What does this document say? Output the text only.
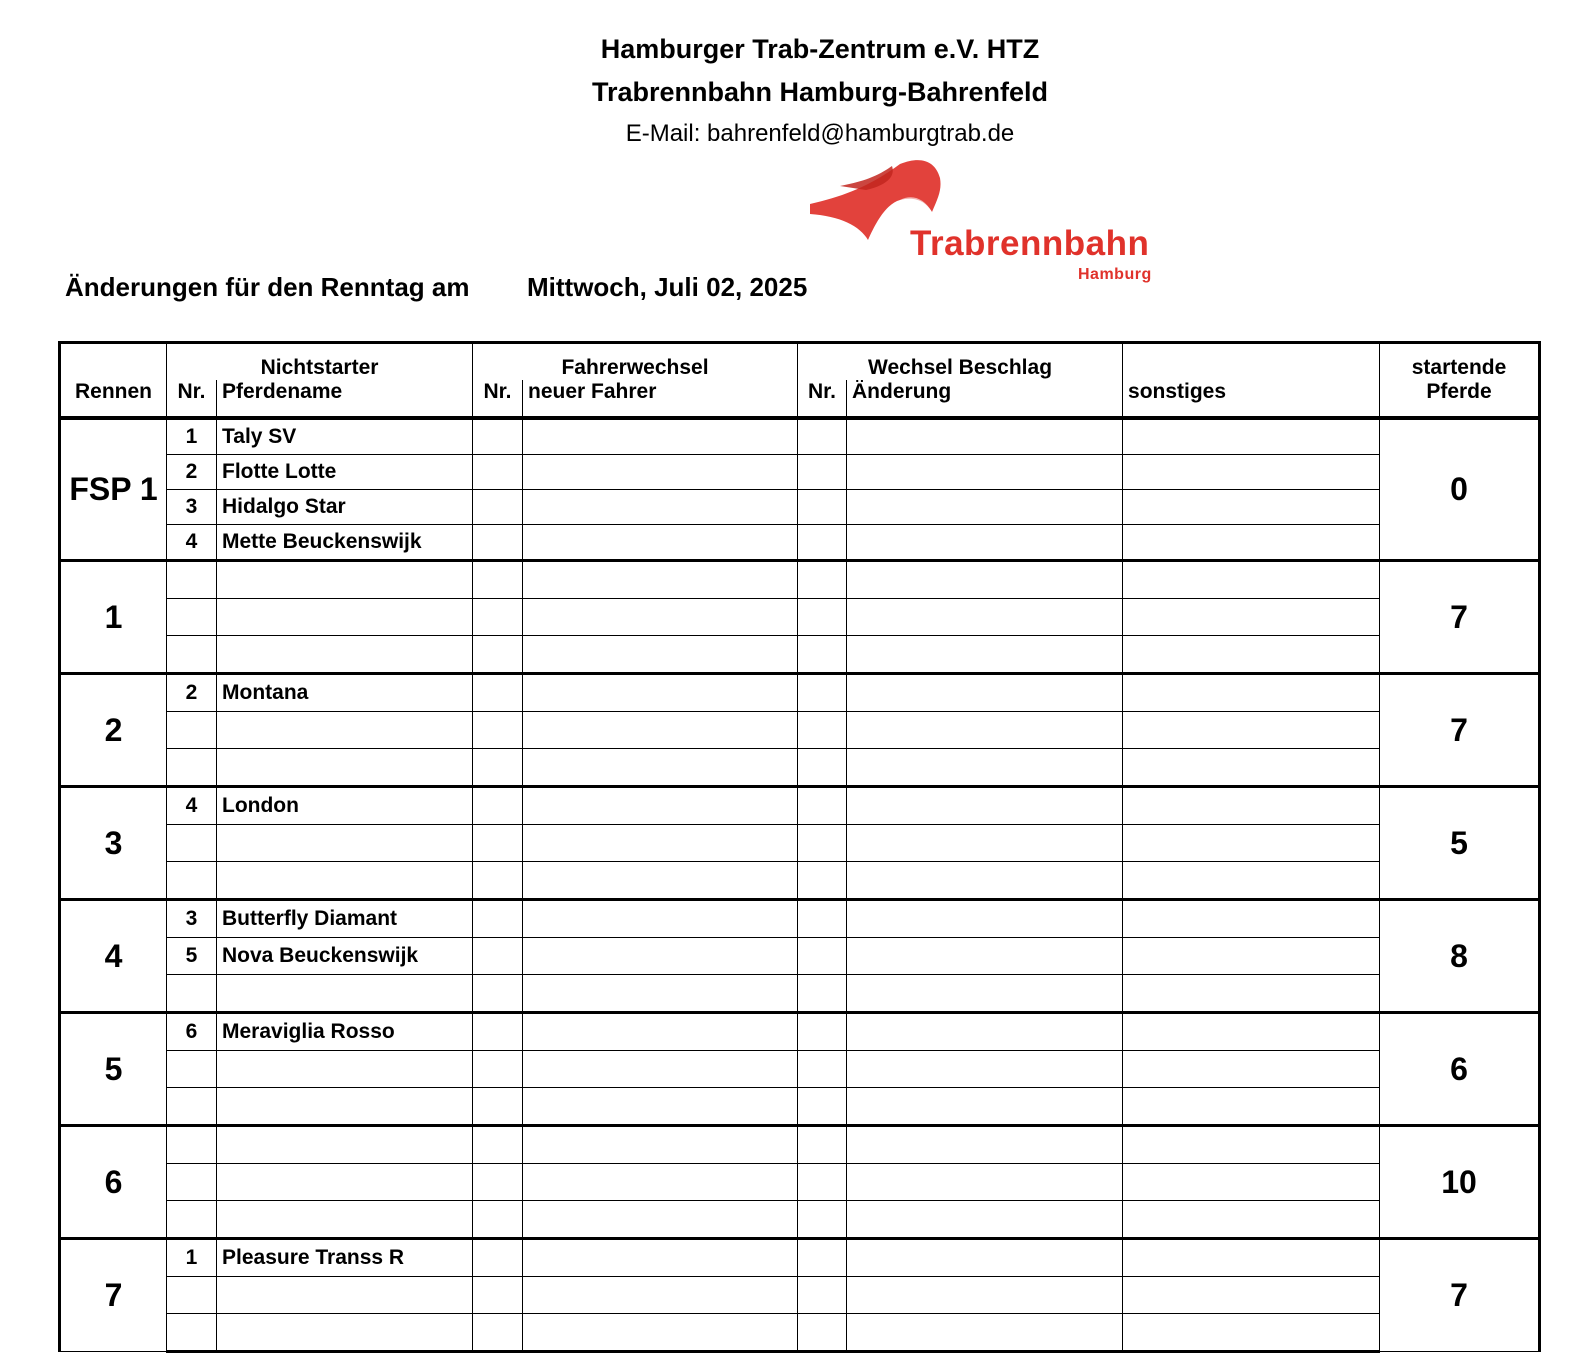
Hamburger Trab-Zentrum e.V. HTZ
Trabrennbahn Hamburg-Bahrenfeld
E-Mail: bahrenfeld@hamburgtrab.de
Trabrennbahn
Hamburg
Änderungen für den Renntag am Mittwoch, Juli 02, 2025
	Nichtstarter		Fahrerwechsel		Wechsel Beschlag			startende
Rennen	Nr.	Pferdename	Nr.	neuer Fahrer	Nr.	Änderung	sonstiges	Pferde
FSP 1	1	Taly SV						0
	2	Flotte Lotte						
	3	Hidalgo Star						
	4	Mette Beuckenswijk						
1								7

2	2	Montana						7

3	4	London						5

4	3	Butterfly Diamant						8
	5	Nova Beuckenswijk						

5	6	Meraviglia Rosso						6

6								10

7	1	Pleasure Transs R						7
